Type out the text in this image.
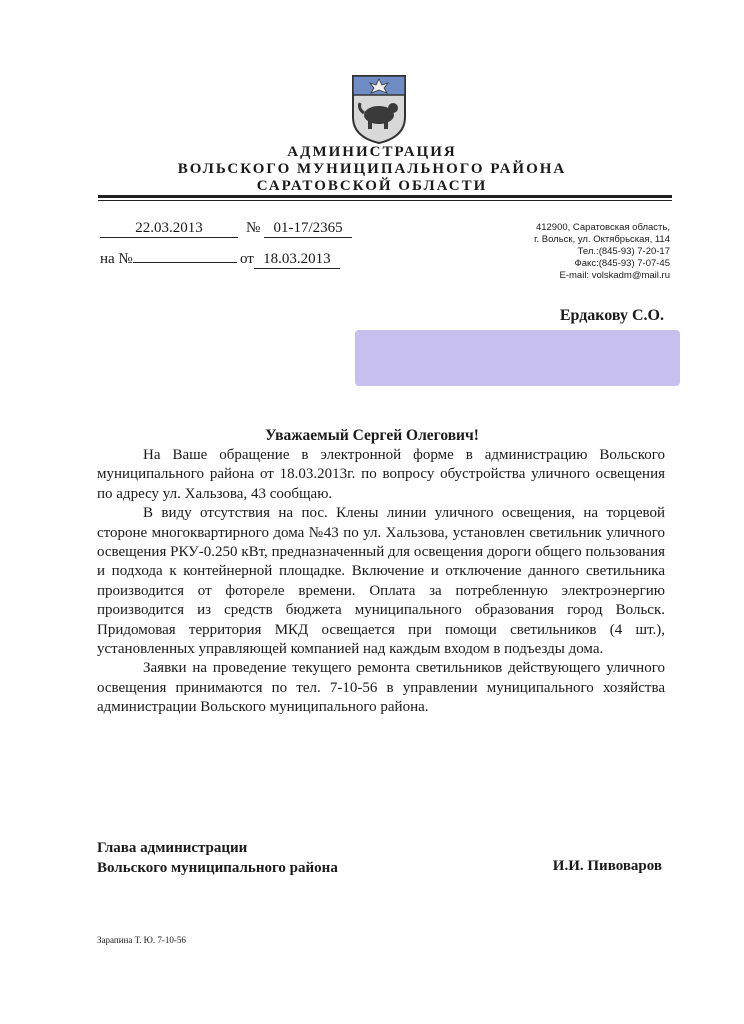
АДМИНИСТРАЦИЯ
ВОЛЬСКОГО МУНИЦИПАЛЬНОГО РАЙОНА
САРАТОВСКОЙ ОБЛАСТИ
22.03.2013	№ 01-17/2365
на №	от 18.03.2013
412900, Саратовская область,
г. Вольск, ул. Октябрьская, 114
Тел.:(845-93) 7-20-17
Факс:(845-93) 7-07-45
E-mail: volskadm@mail.ru
Ердакову С.О.
Уважаемый Сергей Олегович!

На Ваше обращение в электронной форме в администрацию Вольского муниципального района от 18.03.2013г. по вопросу обустройства уличного освещения по адресу ул. Хальзова, 43 сообщаю.

В виду отсутствия на пос. Клены линии уличного освещения, на торцевой стороне многоквартирного дома №43 по ул. Хальзова, установлен светильник уличного освещения РКУ-0.250 кВт, предназначенный для освещения дороги общего пользования и подхода к контейнерной площадке. Включение и отключение данного светильника производится от фотореле времени. Оплата за потребленную электроэнергию производится из средств бюджета муниципального образования город Вольск. Придомовая территория МКД освещается при помощи светильников (4 шт.), установленных управляющей компанией над каждым входом в подъезды дома.

Заявки на проведение текущего ремонта светильников действующего уличного освещения принимаются по тел. 7-10-56 в управлении муниципального хозяйства администрации Вольского муниципального района.

Глава администрации
Вольского муниципального района	И.И. Пивоваров
Зарапина Т. Ю. 7-10-56
